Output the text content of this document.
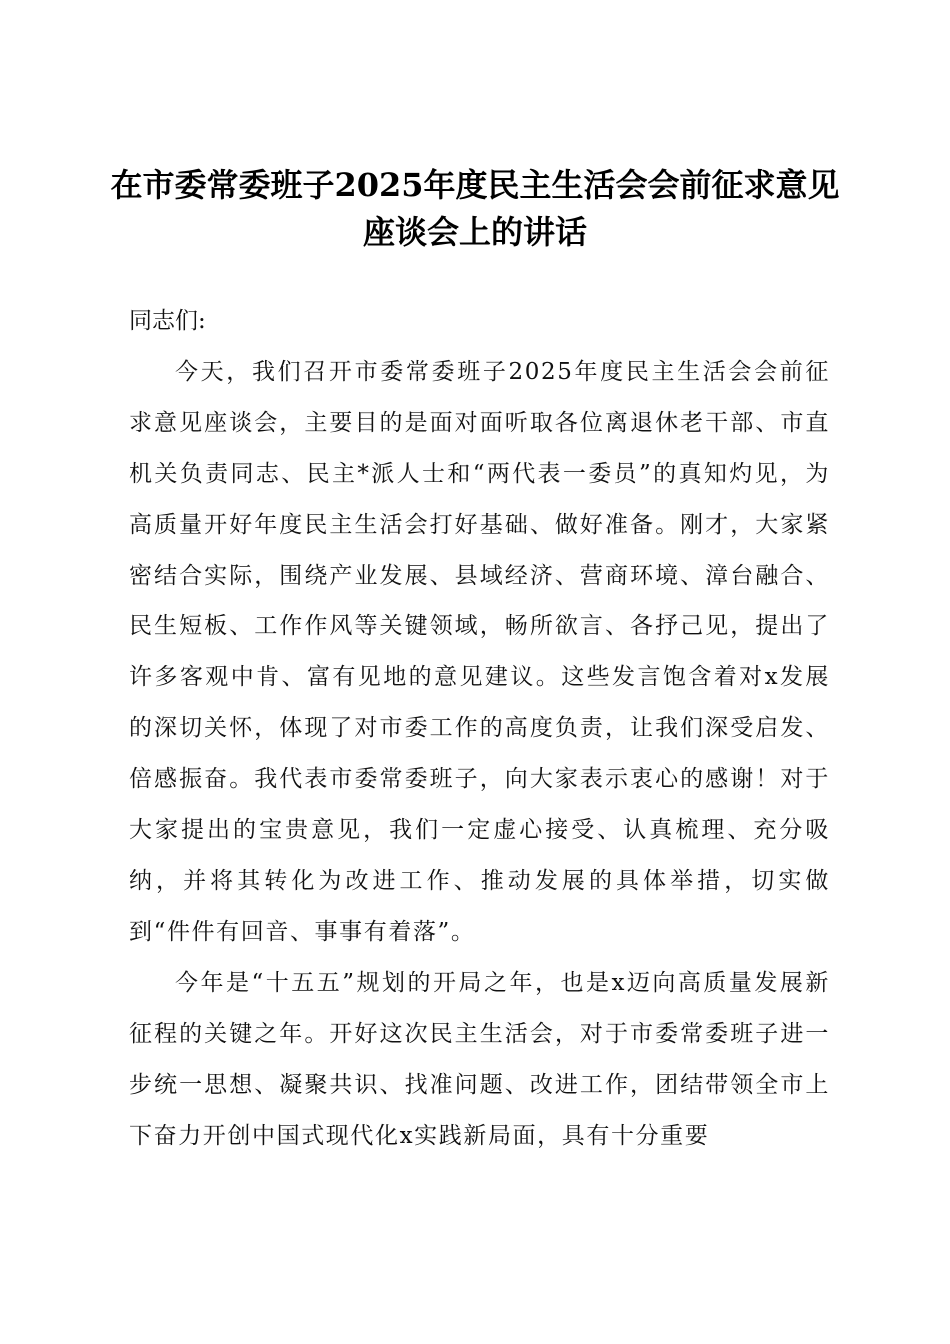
在市委常委班子2025年度民主生活会会前征求意见座谈会上的讲话

同志们:

今天，我们召开市委常委班子2025年度民主生活会会前征求意见座谈会，主要目的是面对面听取各位离退休老干部、市直机关负责同志、民主*派人士和“两代表一委员”的真知灼见，为高质量开好年度民主生活会打好基础、做好准备。刚才，大家紧密结合实际，围绕产业发展、县域经济、营商环境、漳台融合、民生短板、工作作风等关键领域，畅所欲言、各抒己见，提出了许多客观中肯、富有见地的意见建议。这些发言饱含着对x发展的深切关怀，体现了对市委工作的高度负责，让我们深受启发、倍感振奋。我代表市委常委班子，向大家表示衷心的感谢！对于大家提出的宝贵意见，我们一定虚心接受、认真梳理、充分吸纳，并将其转化为改进工作、推动发展的具体举措，切实做到“件件有回音、事事有着落”。

今年是“十五五”规划的开局之年，也是x迈向高质量发展新征程的关键之年。开好这次民主生活会，对于市委常委班子进一步统一思想、凝聚共识、找准问题、改进工作，团结带领全市上下奋力开创中国式现代化x实践新局面，具有十分重要
